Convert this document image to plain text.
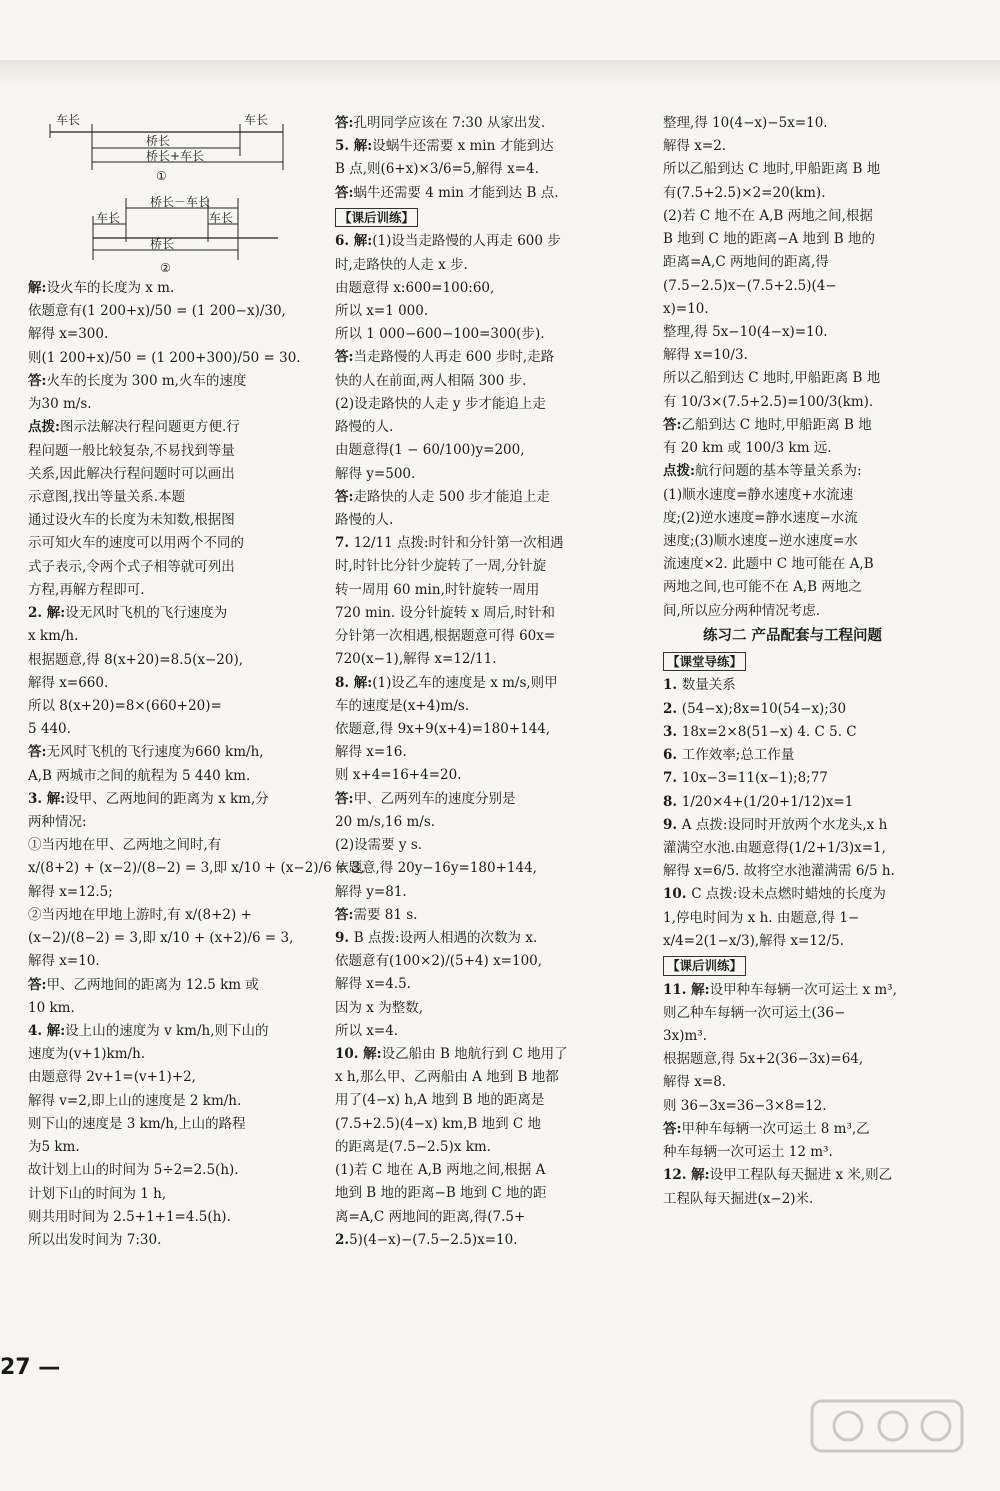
车长	车长
桥长
桥长+车长
①
桥长－车长
车长	车长
桥长
②
解:设火车的长度为 x m.
依题意有(1 200+x)/50 = (1 200−x)/30,
解得 x=300.
则(1 200+x)/50 = (1 200+300)/50 = 30.
答:火车的长度为 300 m,火车的速度
为30 m/s.
点拨:图示法解决行程问题更方便.行
程问题一般比较复杂,不易找到等量
关系,因此解决行程问题时可以画出
示意图,找出等量关系.本题
通过设火车的长度为未知数,根据图
示可知火车的速度可以用两个不同的
式子表示,令两个式子相等就可列出
方程,再解方程即可.
2. 解:设无风时飞机的飞行速度为
x km/h.
根据题意,得 8(x+20)=8.5(x−20),
解得 x=660.
所以 8(x+20)=8×(660+20)=
5 440.
答:无风时飞机的飞行速度为660 km/h,
A,B 两城市之间的航程为 5 440 km.
3. 解:设甲、乙两地间的距离为 x km,分
两种情况:
①当丙地在甲、乙两地之间时,有
x/(8+2) + (x−2)/(8−2) = 3,即 x/10 + (x−2)/6 = 3,
解得 x=12.5;
②当丙地在甲地上游时,有 x/(8+2) +
(x−2)/(8−2) = 3,即 x/10 + (x+2)/6 = 3,
解得 x=10.
答:甲、乙两地间的距离为 12.5 km 或
10 km.
4. 解:设上山的速度为 v km/h,则下山的
速度为(v+1)km/h.
由题意得 2v+1=(v+1)+2,
解得 v=2,即上山的速度是 2 km/h.
则下山的速度是 3 km/h,上山的路程
为5 km.
故计划上山的时间为 5÷2=2.5(h).
计划下山的时间为 1 h,
则共用时间为 2.5+1+1=4.5(h).
所以出发时间为 7:30.
答:孔明同学应该在 7:30 从家出发.
5. 解:设蜗牛还需要 x min 才能到达
B 点,则(6+x)×3/6=5,解得 x=4.
答:蜗牛还需要 4 min 才能到达 B 点.
【课后训练】
6. 解:(1)设当走路慢的人再走 600 步
时,走路快的人走 x 步.
由题意得 x:600=100:60,
所以 x=1 000.
所以 1 000−600−100=300(步).
答:当走路慢的人再走 600 步时,走路
快的人在前面,两人相隔 300 步.
(2)设走路快的人走 y 步才能追上走
路慢的人.
由题意得(1 − 60/100)y=200,
解得 y=500.
答:走路快的人走 500 步才能追上走
路慢的人.
7. 12/11 点拨:时针和分针第一次相遇
时,时针比分针少旋转了一周,分针旋
转一周用 60 min,时针旋转一周用
720 min. 设分针旋转 x 周后,时针和
分针第一次相遇,根据题意可得 60x=
720(x−1),解得 x=12/11.
8. 解:(1)设乙车的速度是 x m/s,则甲
车的速度是(x+4)m/s.
依题意,得 9x+9(x+4)=180+144,
解得 x=16.
则 x+4=16+4=20.
答:甲、乙两列车的速度分别是
20 m/s,16 m/s.
(2)设需要 y s.
依题意,得 20y−16y=180+144,
解得 y=81.
答:需要 81 s.
9. B 点拨:设两人相遇的次数为 x.
依题意有(100×2)/(5+4) x=100,
解得 x=4.5.
因为 x 为整数,
所以 x=4.
10. 解:设乙船由 B 地航行到 C 地用了
x h,那么甲、乙两船由 A 地到 B 地都
用了(4−x) h,A 地到 B 地的距离是
(7.5+2.5)(4−x) km,B 地到 C 地
的距离是(7.5−2.5)x km.
(1)若 C 地在 A,B 两地之间,根据 A
地到 B 地的距离−B 地到 C 地的距
离=A,C 两地间的距离,得(7.5+
2.5)(4−x)−(7.5−2.5)x=10.
整理,得 10(4−x)−5x=10.
解得 x=2.
所以乙船到达 C 地时,甲船距离 B 地
有(7.5+2.5)×2=20(km).
(2)若 C 地不在 A,B 两地之间,根据
B 地到 C 地的距离−A 地到 B 地的
距离=A,C 两地间的距离,得
(7.5−2.5)x−(7.5+2.5)(4−
x)=10.
整理,得 5x−10(4−x)=10.
解得 x=10/3.
所以乙船到达 C 地时,甲船距离 B 地
有 10/3×(7.5+2.5)=100/3(km).
答:乙船到达 C 地时,甲船距离 B 地
有 20 km 或 100/3 km 远.
点拨:航行问题的基本等量关系为:
(1)顺水速度=静水速度+水流速
度;(2)逆水速度=静水速度−水流
速度;(3)顺水速度−逆水速度=水
流速度×2. 此题中 C 地可能在 A,B
两地之间,也可能不在 A,B 两地之
间,所以应分两种情况考虑.
练习二 产品配套与工程问题
【课堂导练】
1. 数量关系
2. (54−x);8x=10(54−x);30
3. 18x=2×8(51−x) 4. C 5. C
6. 工作效率;总工作量
7. 10x−3=11(x−1);8;77
8. 1/20×4+(1/20+1/12)x=1
9. A 点拨:设同时开放两个水龙头,x h
灌满空水池.由题意得(1/2+1/3)x=1,
解得 x=6/5. 故将空水池灌满需 6/5 h.
10. C 点拨:设未点燃时蜡烛的长度为
1,停电时间为 x h. 由题意,得 1−
x/4=2(1−x/3),解得 x=12/5.
【课后训练】
11. 解:设甲种车每辆一次可运土 x m³,
则乙种车每辆一次可运土(36−
3x)m³.
根据题意,得 5x+2(36−3x)=64,
解得 x=8.
则 36−3x=36−3×8=12.
答:甲种车每辆一次可运土 8 m³,乙
种车每辆一次可运土 12 m³.
12. 解:设甲工程队每天掘进 x 米,则乙
工程队每天掘进(x−2)米.
27 —
